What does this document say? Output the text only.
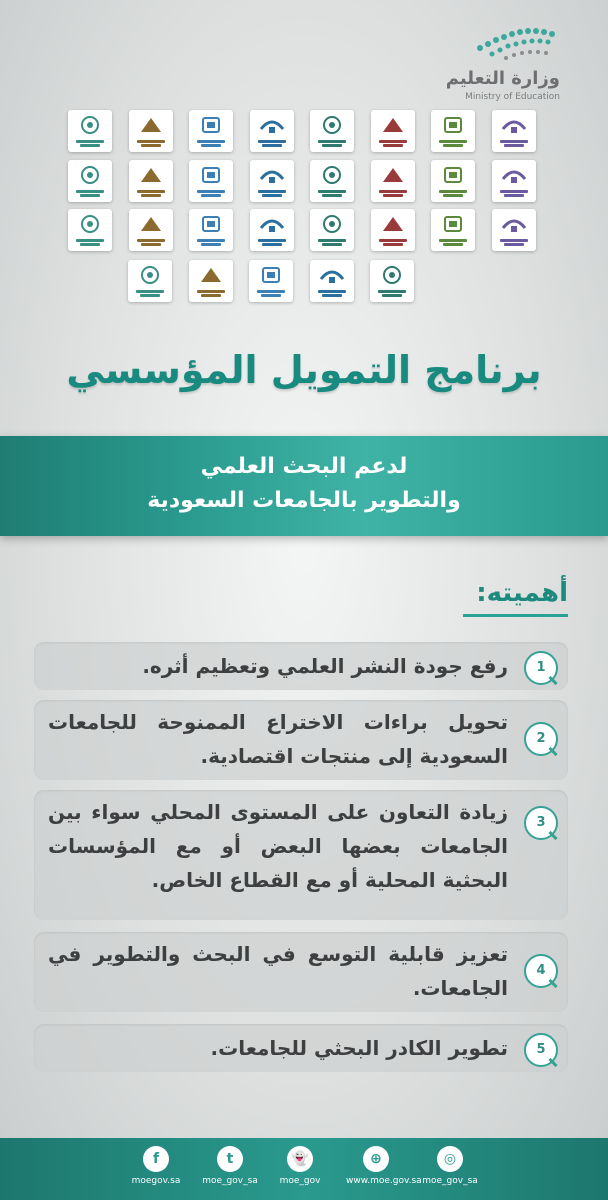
وزارة التعليم
Ministry of Education
برنامج التمويل المؤسسي
لدعم البحث العلمي
والتطوير بالجامعات السعودية
أهميته:
1
رفع جودة النشر العلمي وتعظيم أثره.
2
تحويل براءات الاختراع الممنوحة للجامعات السعودية إلى منتجات اقتصادية.
3
زيادة التعاون على المستوى المحلي سواء بين الجامعات بعضها البعض أو مع المؤسسات البحثية المحلية أو مع القطاع الخاص.
4
تعزيز قابلية التوسع في البحث والتطوير في الجامعات.
5
تطوير الكادر البحثي للجامعات.
f
moegov.sa
t
moe_gov_sa
👻
moe_gov
⊕
www.moe.gov.sa
◎
moe_gov_sa
